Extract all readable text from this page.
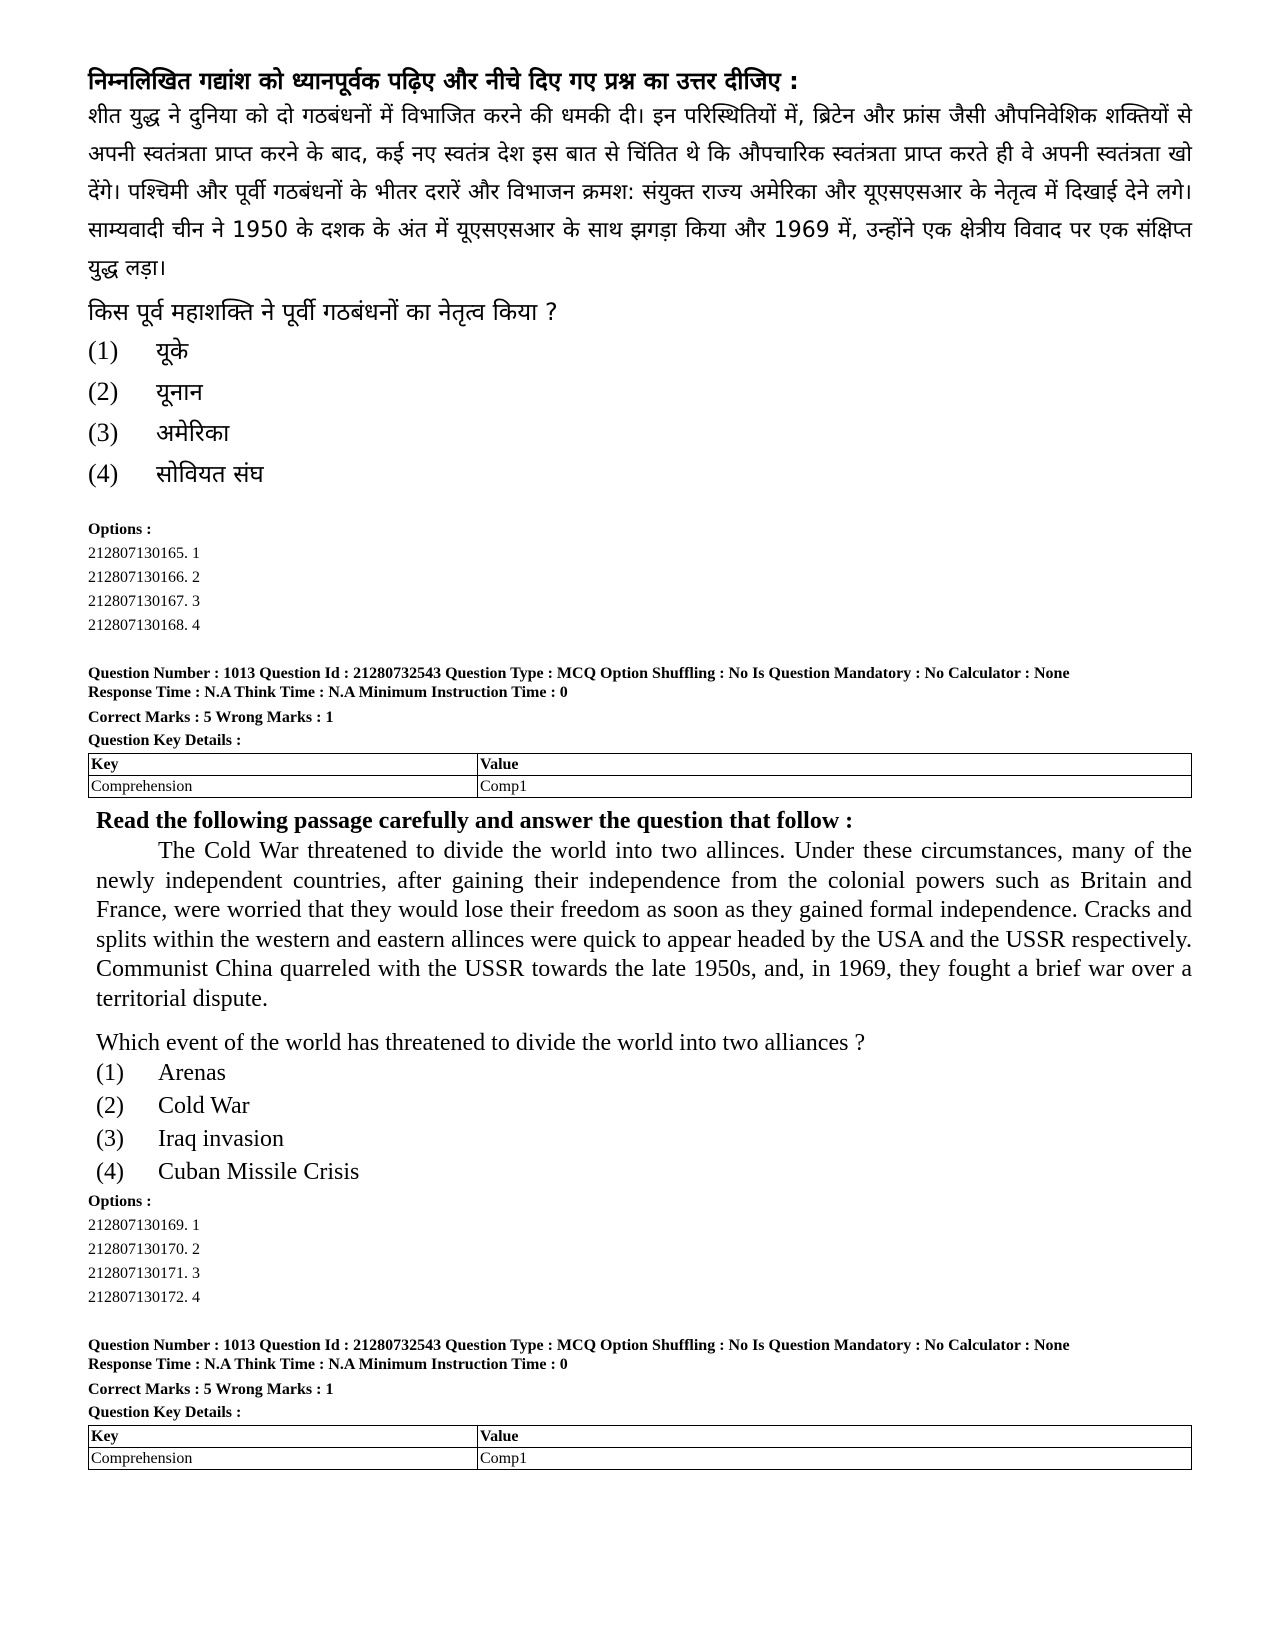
निम्नलिखित गद्यांश को ध्यानपूर्वक पढ़िए और नीचे दिए गए प्रश्न का उत्तर दीजिए :
शीत युद्ध ने दुनिया को दो गठबंधनों में विभाजित करने की धमकी दी। इन परिस्थितियों में, ब्रिटेन और फ्रांस जैसी औपनिवेशिक शक्तियों से अपनी स्वतंत्रता प्राप्त करने के बाद, कई नए स्वतंत्र देश इस बात से चिंतित थे कि औपचारिक स्वतंत्रता प्राप्त करते ही वे अपनी स्वतंत्रता खो देंगे। पश्चिमी और पूर्वी गठबंधनों के भीतर दरारें और विभाजन क्रमश: संयुक्त राज्य अमेरिका और यूएसएसआर के नेतृत्व में दिखाई देने लगे। साम्यवादी चीन ने 1950 के दशक के अंत में यूएसएसआर के साथ झगड़ा किया और 1969 में, उन्होंने एक क्षेत्रीय विवाद पर एक संक्षिप्त युद्ध लड़ा।
किस पूर्व महाशक्ति ने पूर्वी गठबंधनों का नेतृत्व किया ?
(1)	यूके
(2)	यूनान
(3)	अमेरिका
(4)	सोवियत संघ
Options :
212807130165. 1
212807130166. 2
212807130167. 3
212807130168. 4
Question Number : 1013 Question Id : 21280732543 Question Type : MCQ Option Shuffling : No Is Question Mandatory : No Calculator : None
Response Time : N.A Think Time : N.A Minimum Instruction Time : 0
Correct Marks : 5 Wrong Marks : 1
Question Key Details :
Key	Value
Comprehension	Comp1
Read the following passage carefully and answer the question that follow :
The Cold War threatened to divide the world into two allinces. Under these circumstances, many of the newly independent countries, after gaining their independence from the colonial powers such as Britain and France, were worried that they would lose their freedom as soon as they gained formal independence. Cracks and splits within the western and eastern allinces were quick to appear headed by the USA and the USSR respectively. Communist China quarreled with the USSR towards the late 1950s, and, in 1969, they fought a brief war over a territorial dispute.
Which event of the world has threatened to divide the world into two alliances ?
(1)	Arenas
(2)	Cold War
(3)	Iraq invasion
(4)	Cuban Missile Crisis
Options :
212807130169. 1
212807130170. 2
212807130171. 3
212807130172. 4
Question Number : 1013 Question Id : 21280732543 Question Type : MCQ Option Shuffling : No Is Question Mandatory : No Calculator : None
Response Time : N.A Think Time : N.A Minimum Instruction Time : 0
Correct Marks : 5 Wrong Marks : 1
Question Key Details :
Key	Value
Comprehension	Comp1
